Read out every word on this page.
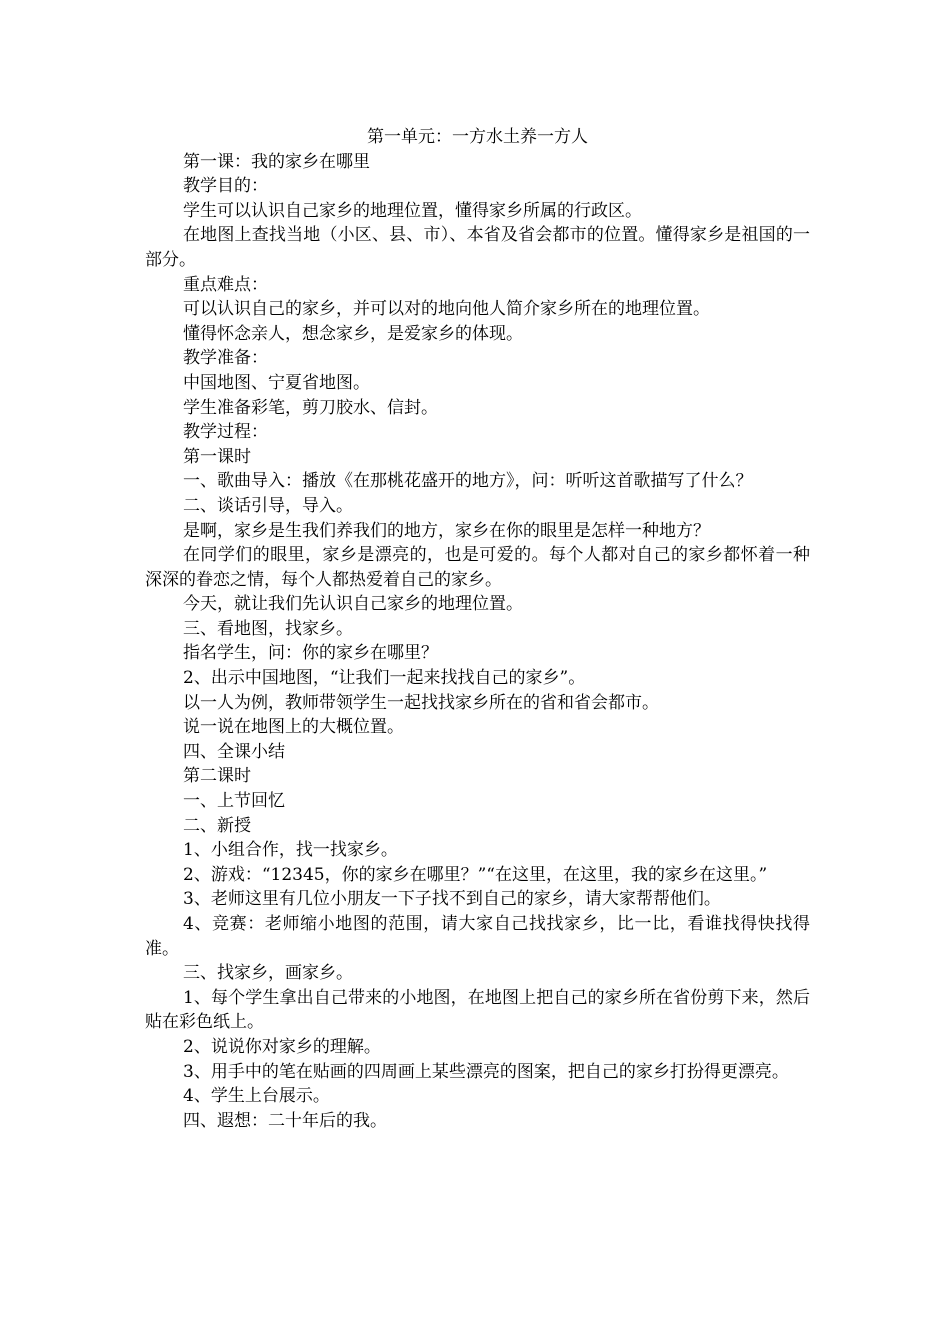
第一单元：一方水土养一方人

第一课：我的家乡在哪里

教学目的：

学生可以认识自己家乡的地理位置，懂得家乡所属的行政区。

在地图上查找当地（小区、县、市）、本省及省会都市的位置。懂得家乡是祖国的一部分。

重点难点：

可以认识自己的家乡，并可以对的地向他人简介家乡所在的地理位置。

懂得怀念亲人，想念家乡，是爱家乡的体现。

教学准备：

中国地图、宁夏省地图。

学生准备彩笔，剪刀胶水、信封。

教学过程：

第一课时

一、歌曲导入：播放《在那桃花盛开的地方》，问：听听这首歌描写了什么？

二、谈话引导，导入。

是啊，家乡是生我们养我们的地方，家乡在你的眼里是怎样一种地方？

在同学们的眼里，家乡是漂亮的，也是可爱的。每个人都对自己的家乡都怀着一种深深的眷恋之情，每个人都热爱着自己的家乡。

今天，就让我们先认识自己家乡的地理位置。

三、看地图，找家乡。

指名学生，问：你的家乡在哪里？

2、出示中国地图，“让我们一起来找找自己的家乡”。

以一人为例，教师带领学生一起找找家乡所在的省和省会都市。

说一说在地图上的大概位置。

四、全课小结

第二课时

一、上节回忆

二、新授

1、小组合作，找一找家乡。

2、游戏：“12345，你的家乡在哪里？”“在这里，在这里，我的家乡在这里。”

3、老师这里有几位小朋友一下子找不到自己的家乡，请大家帮帮他们。

4、竞赛：老师缩小地图的范围，请大家自己找找家乡，比一比，看谁找得快找得准。

三、找家乡，画家乡。

1、每个学生拿出自己带来的小地图，在地图上把自己的家乡所在省份剪下来，然后贴在彩色纸上。

2、说说你对家乡的理解。

3、用手中的笔在贴画的四周画上某些漂亮的图案，把自己的家乡打扮得更漂亮。

4、学生上台展示。

四、遐想：二十年后的我。
